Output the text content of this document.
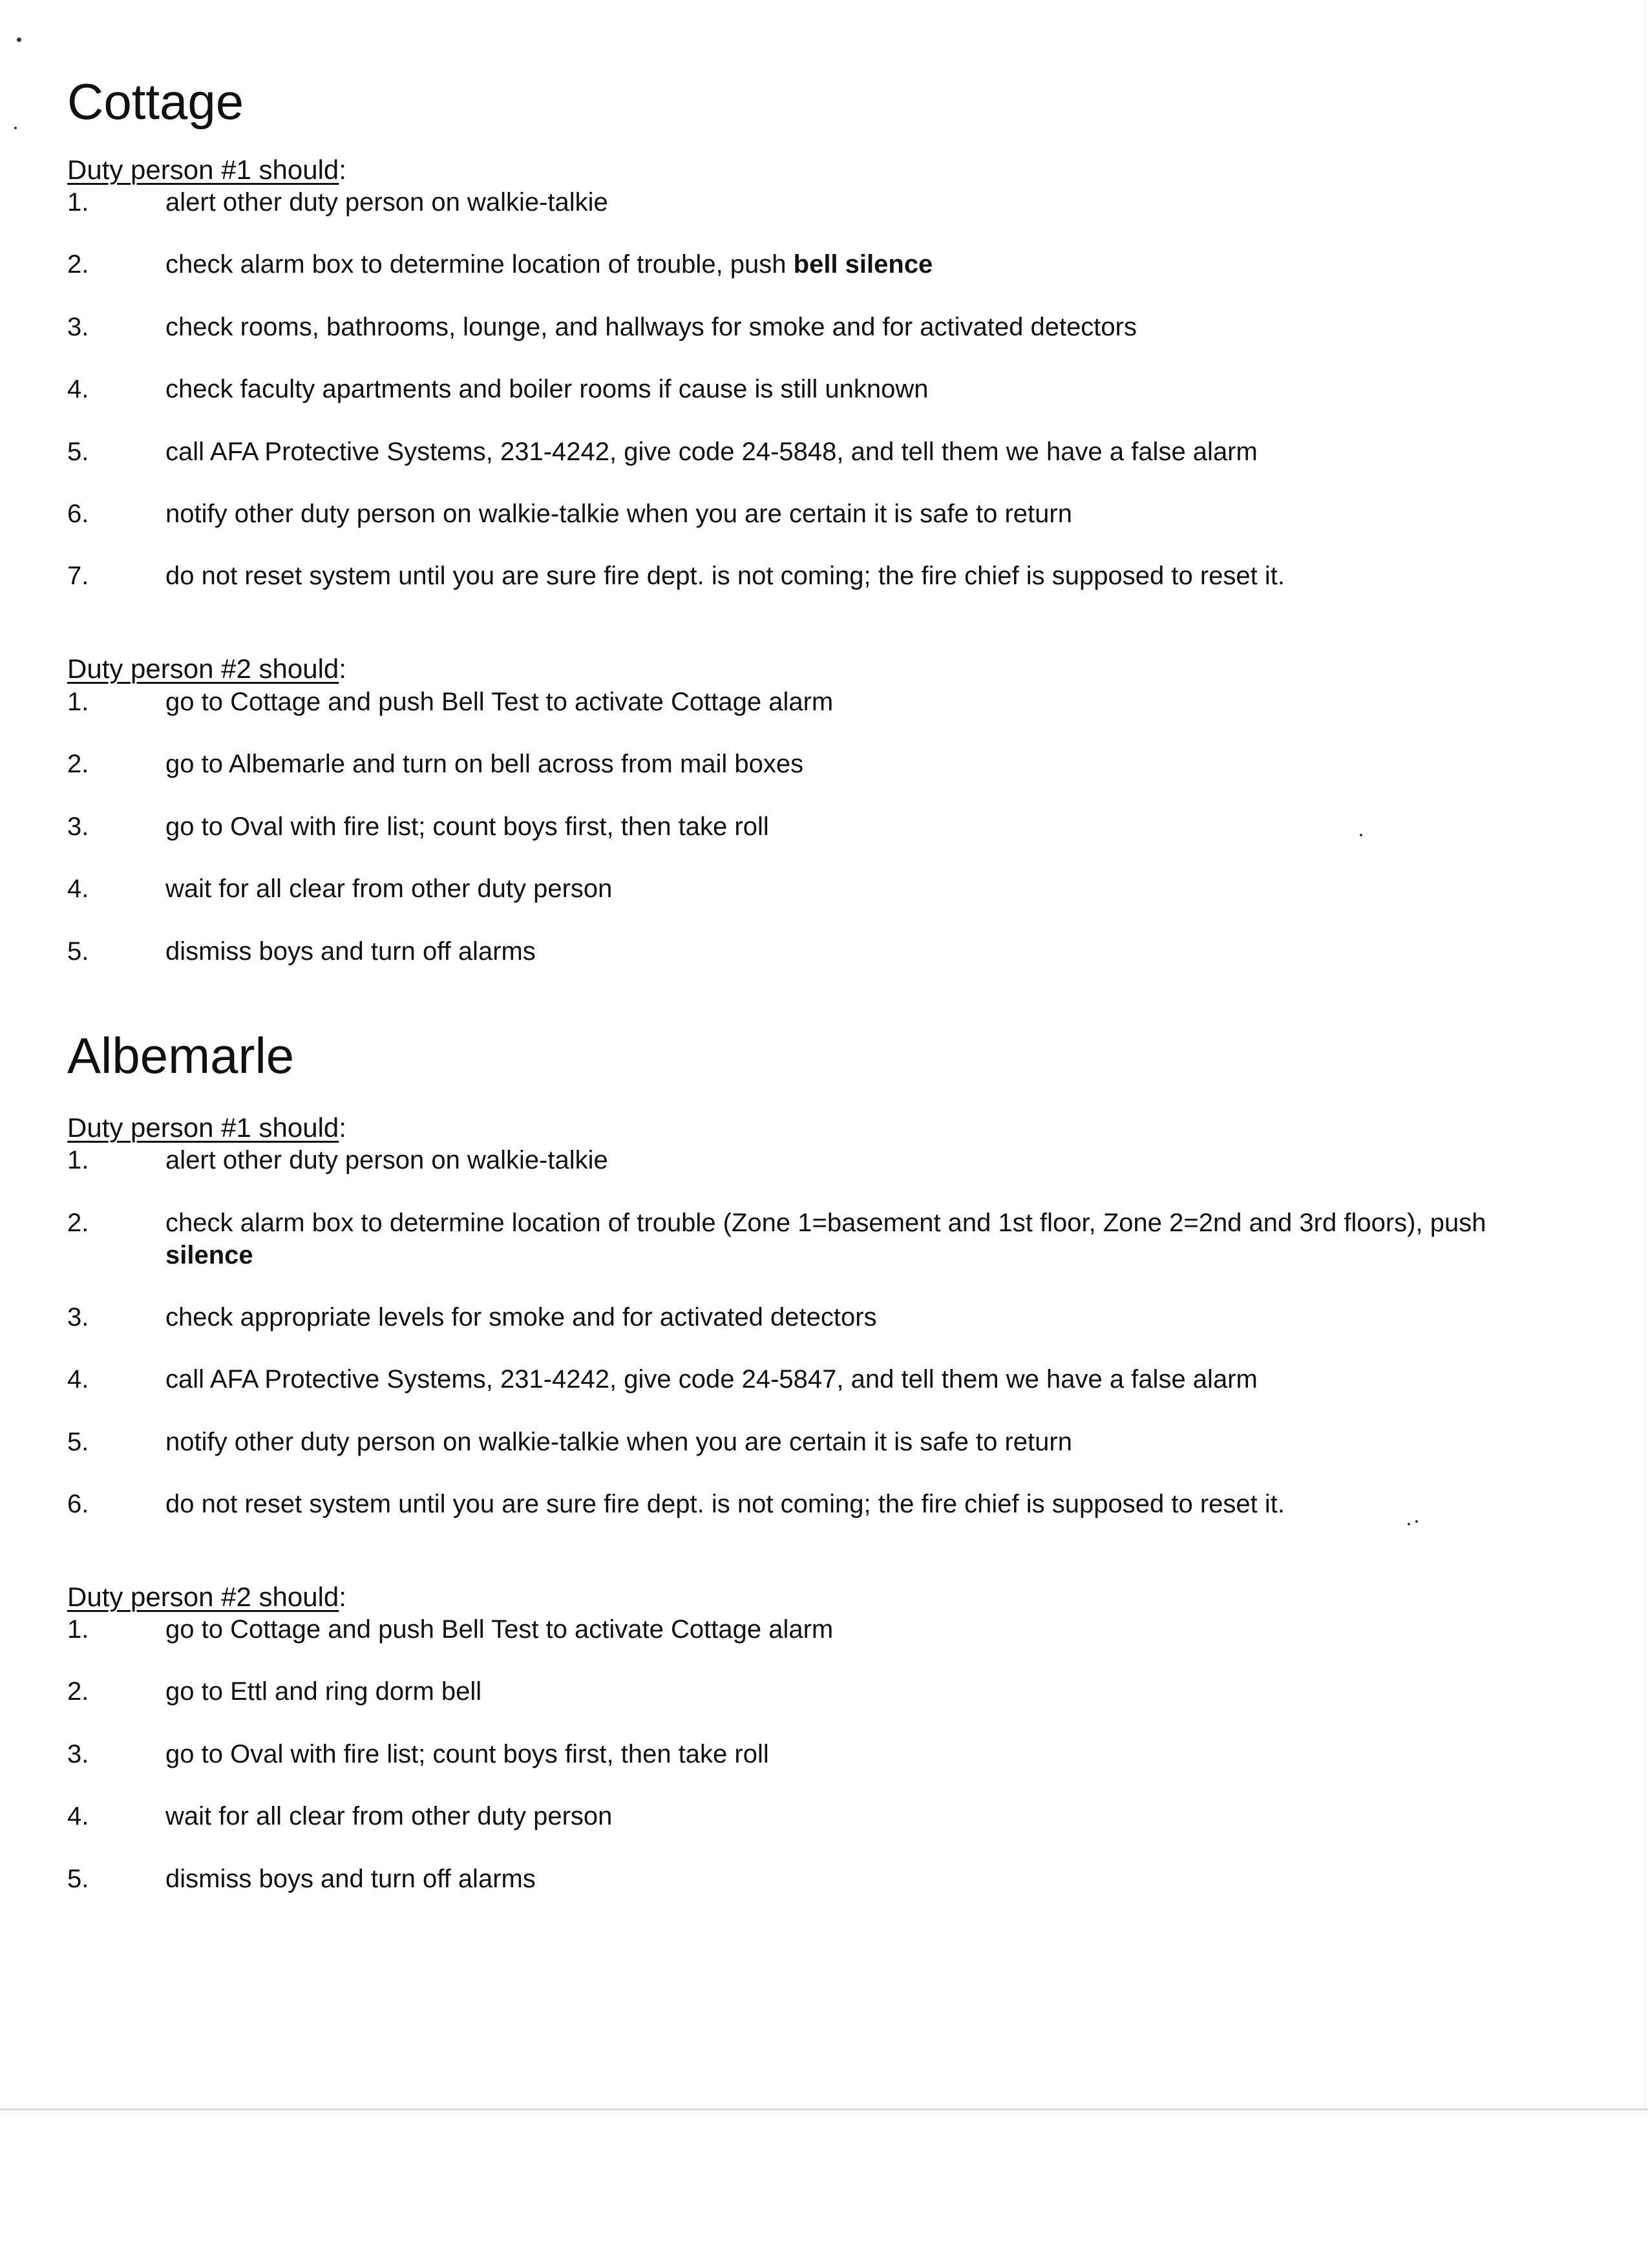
Cottage
Duty person #1 should:
1.	alert other duty person on walkie-talkie
2.	check alarm box to determine location of trouble, push bell silence
3.	check rooms, bathrooms, lounge, and hallways for smoke and for activated detectors
4.	check faculty apartments and boiler rooms if cause is still unknown
5.	call AFA Protective Systems, 231-4242, give code 24-5848, and tell them we have a false alarm
6.	notify other duty person on walkie-talkie when you are certain it is safe to return
7.	do not reset system until you are sure fire dept. is not coming; the fire chief is supposed to reset it.
Duty person #2 should:
1.	go to Cottage and push Bell Test to activate Cottage alarm
2.	go to Albemarle and turn on bell across from mail boxes
3.	go to Oval with fire list; count boys first, then take roll
4.	wait for all clear from other duty person
5.	dismiss boys and turn off alarms
Albemarle
Duty person #1 should:
1.	alert other duty person on walkie-talkie
2.	check alarm box to determine location of trouble (Zone 1=basement and 1st floor, Zone 2=2nd and 3rd floors), push silence
3.	check appropriate levels for smoke and for activated detectors
4.	call AFA Protective Systems, 231-4242, give code 24-5847, and tell them we have a false alarm
5.	notify other duty person on walkie-talkie when you are certain it is safe to return
6.	do not reset system until you are sure fire dept. is not coming; the fire chief is supposed to reset it.
Duty person #2 should:
1.	go to Cottage and push Bell Test to activate Cottage alarm
2.	go to Ettl and ring dorm bell
3.	go to Oval with fire list; count boys first, then take roll
4.	wait for all clear from other duty person
5.	dismiss boys and turn off alarms
